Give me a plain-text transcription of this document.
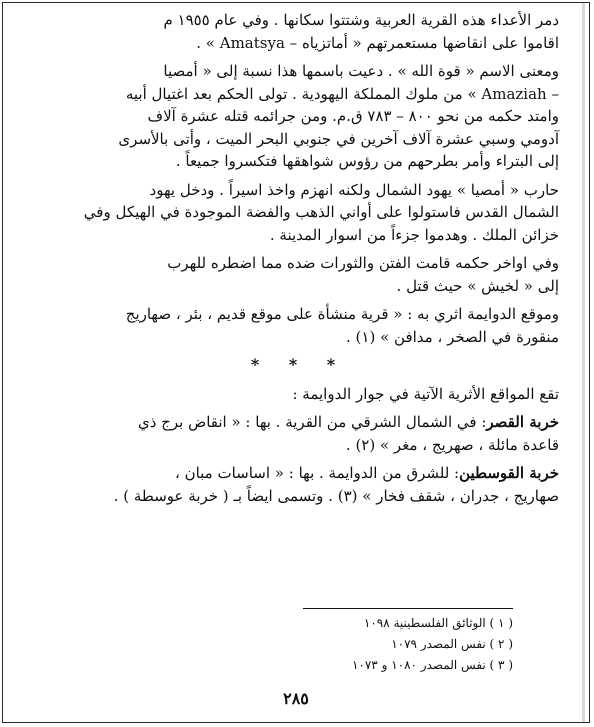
دمر الأعداء هذه القرية العربية وشتتوا سكانها . وفي عام ١٩٥٥ م

اقاموا على انقاضها مستعمرتهم « أماتزياه – Amatsya » .

ومعنى الاسم « قوة الله » . دعيت باسمها هذا نسبة إلى « أمصيا

– Amaziah » من ملوك المملكة اليهودية . تولى الحكم بعد اغتيال أبيه

وامتد حكمه من نحو ٨٠٠ – ٧٨٣ ق.م. ومن جرائمه قتله عشرة آلاف

آدومي وسبي عشرة آلاف آخرين في جنوبي البحر الميت ، وأتى بالأسرى

إلى البتراء وأمر بطرحهم من رؤوس شواهقها فتكسروا جميعاً .

حارب « أمصيا » يهود الشمال ولكنه انهزم واخذ اسيراً . ودخل يهود

الشمال القدس فاستولوا على أواني الذهب والفضة الموجودة في الهيكل وفي

خزائن الملك . وهدموا جزءاً من اسوار المدينة .

وفي اواخر حكمه قامت الفتن والثورات ضده مما اضطره للهرب

إلى « لخيش » حيث قتل .

وموقع الدوايمة اثري به : « قرية منشأة على موقع قديم ، بئر ، صهاريج

منقورة في الصخر ، مدافن » (١) .

* * *

تقع المواقع الأثرية الآتية في جوار الدوايمة :

خربة القصر: في الشمال الشرقي من القرية . بها : « انقاض برج ذي

قاعدة مائلة ، صهريج ، مغر » (٢) .

خربة القوسطين: للشرق من الدوايمة . بها : « اساسات مبان ،

صهاريج ، جدران ، شقف فخار » (٣) . وتسمى ايضاً بـ ( خربة عوسطة ) .

( ١ ) الوثائق الفلسطينية ١٠٩٨
( ٢ ) نفس المصدر ١٠٧٩
( ٣ ) نفس المصدر ١٠٨٠ و ١٠٧٣
٢٨٥
